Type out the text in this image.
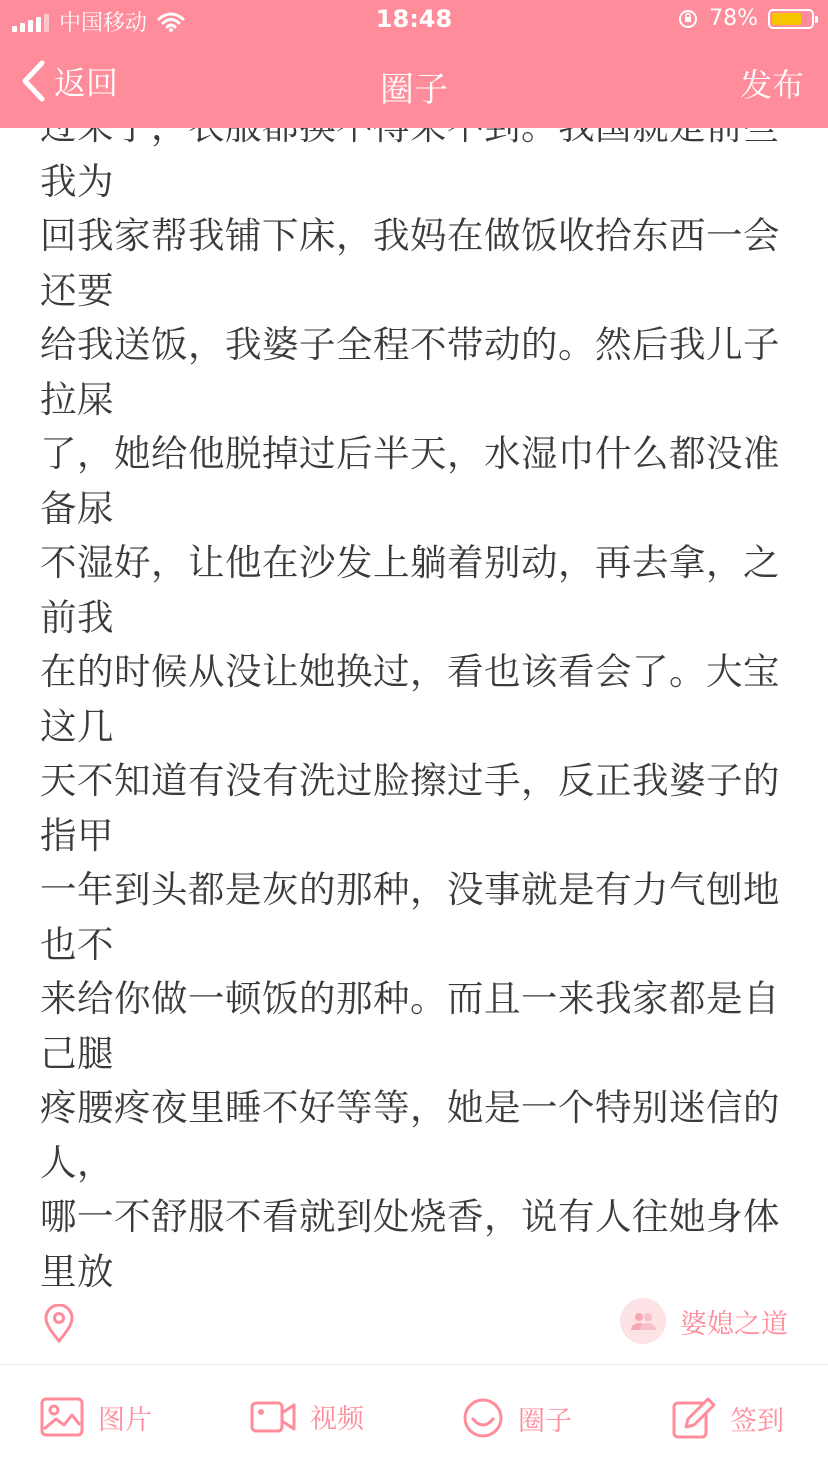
中国移动	18:48	78%
返回	圈子	发布

我为

回我家帮我铺下床，我妈在做饭收拾东西一会还要

给我送饭，我婆子全程不带动的。然后我儿子拉屎

了，她给他脱掉过后半天，水湿巾什么都没准备尿

不湿好，让他在沙发上躺着别动，再去拿，之前我

在的时候从没让她换过，看也该看会了。大宝这几

天不知道有没有洗过脸擦过手，反正我婆子的指甲

一年到头都是灰的那种，没事就是有力气刨地也不

来给你做一顿饭的那种。而且一来我家都是自己腿

疼腰疼夜里睡不好等等，她是一个特别迷信的人，

哪一不舒服不看就到处烧香，说有人往她身体里放

婆媳之道
图片	视频	圈子	签到
